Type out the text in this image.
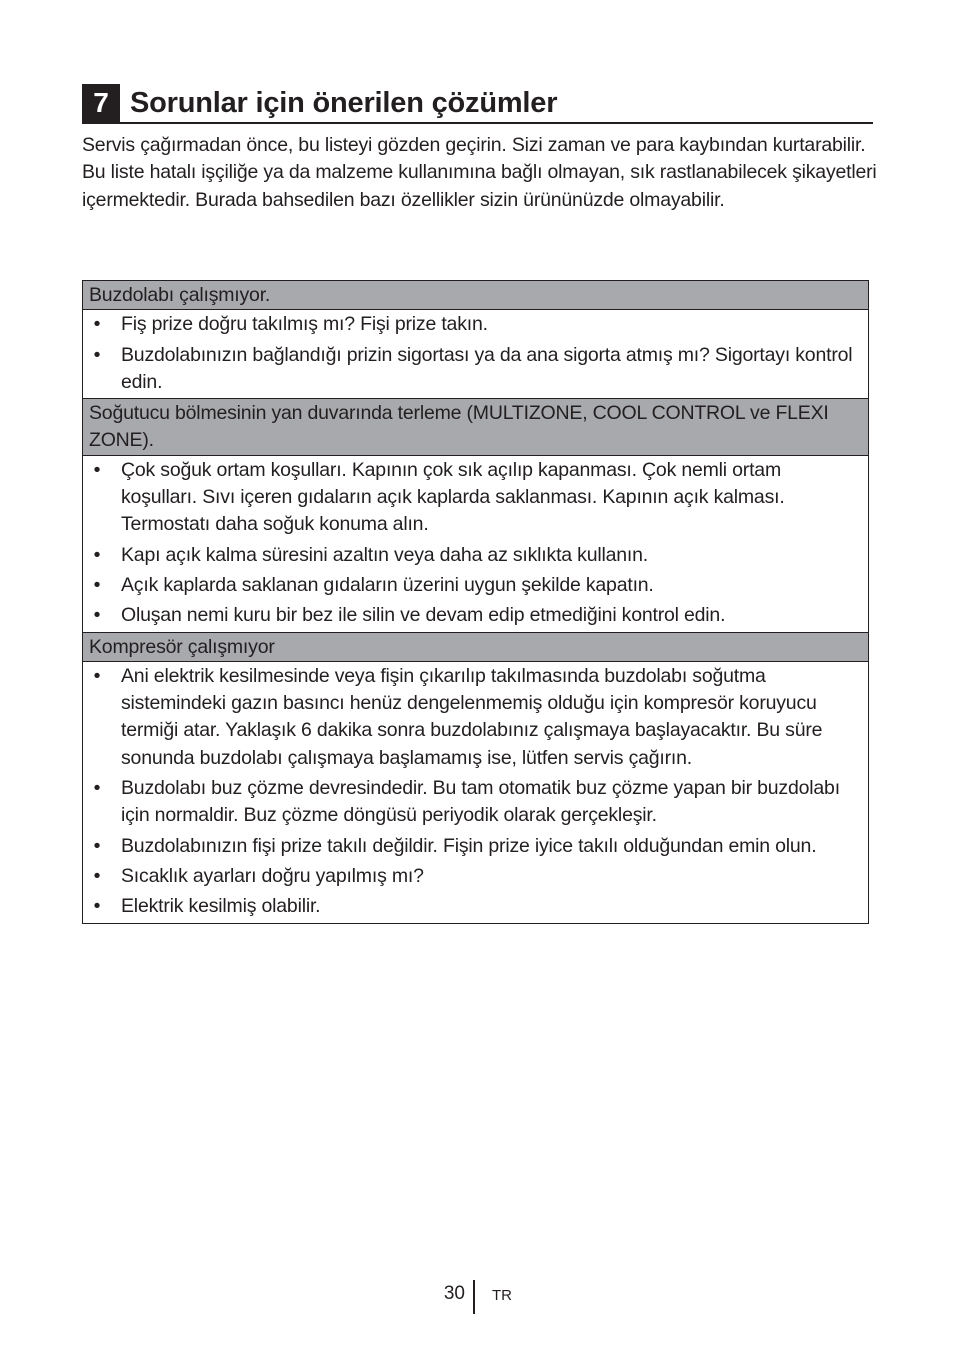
7 Sorunlar için önerilen çözümler

Servis çağırmadan önce, bu listeyi gözden geçirin. Sizi zaman ve para kaybından kurtarabilir. Bu liste hatalı işçiliğe ya da malzeme kullanımına bağlı olmayan, sık rastlanabilecek şikayetleri içermektedir. Burada bahsedilen bazı özellikler sizin ürününüzde olmayabilir.

Buzdolabı çalışmıyor.
• Fiş prize doğru takılmış mı? Fişi prize takın.
• Buzdolabınızın bağlandığı prizin sigortası ya da ana sigorta atmış mı? Sigortayı kontrol edin.
Soğutucu bölmesinin yan duvarında terleme (MULTIZONE, COOL CONTROL ve FLEXI ZONE).
• Çok soğuk ortam koşulları. Kapının çok sık açılıp kapanması. Çok nemli ortam koşulları. Sıvı içeren gıdaların açık kaplarda saklanması. Kapının açık kalması. Termostatı daha soğuk konuma alın.
• Kapı açık kalma süresini azaltın veya daha az sıklıkta kullanın.
• Açık kaplarda saklanan gıdaların üzerini uygun şekilde kapatın.
• Oluşan nemi kuru bir bez ile silin ve devam edip etmediğini kontrol edin.
Kompresör çalışmıyor
• Ani elektrik kesilmesinde veya fişin çıkarılıp takılmasında buzdolabı soğutma sistemindeki gazın basıncı henüz dengelenmemiş olduğu için kompresör koruyucu termiği atar. Yaklaşık 6 dakika sonra buzdolabınız çalışmaya başlayacaktır. Bu süre sonunda buzdolabı çalışmaya başlamamış ise, lütfen servis çağırın.
• Buzdolabı buz çözme devresindedir. Bu tam otomatik buz çözme yapan bir buzdolabı için normaldir. Buz çözme döngüsü periyodik olarak gerçekleşir.
• Buzdolabınızın fişi prize takılı değildir. Fişin prize iyice takılı olduğundan emin olun.
• Sıcaklık ayarları doğru yapılmış mı?
• Elektrik kesilmiş olabilir.
30 TR
